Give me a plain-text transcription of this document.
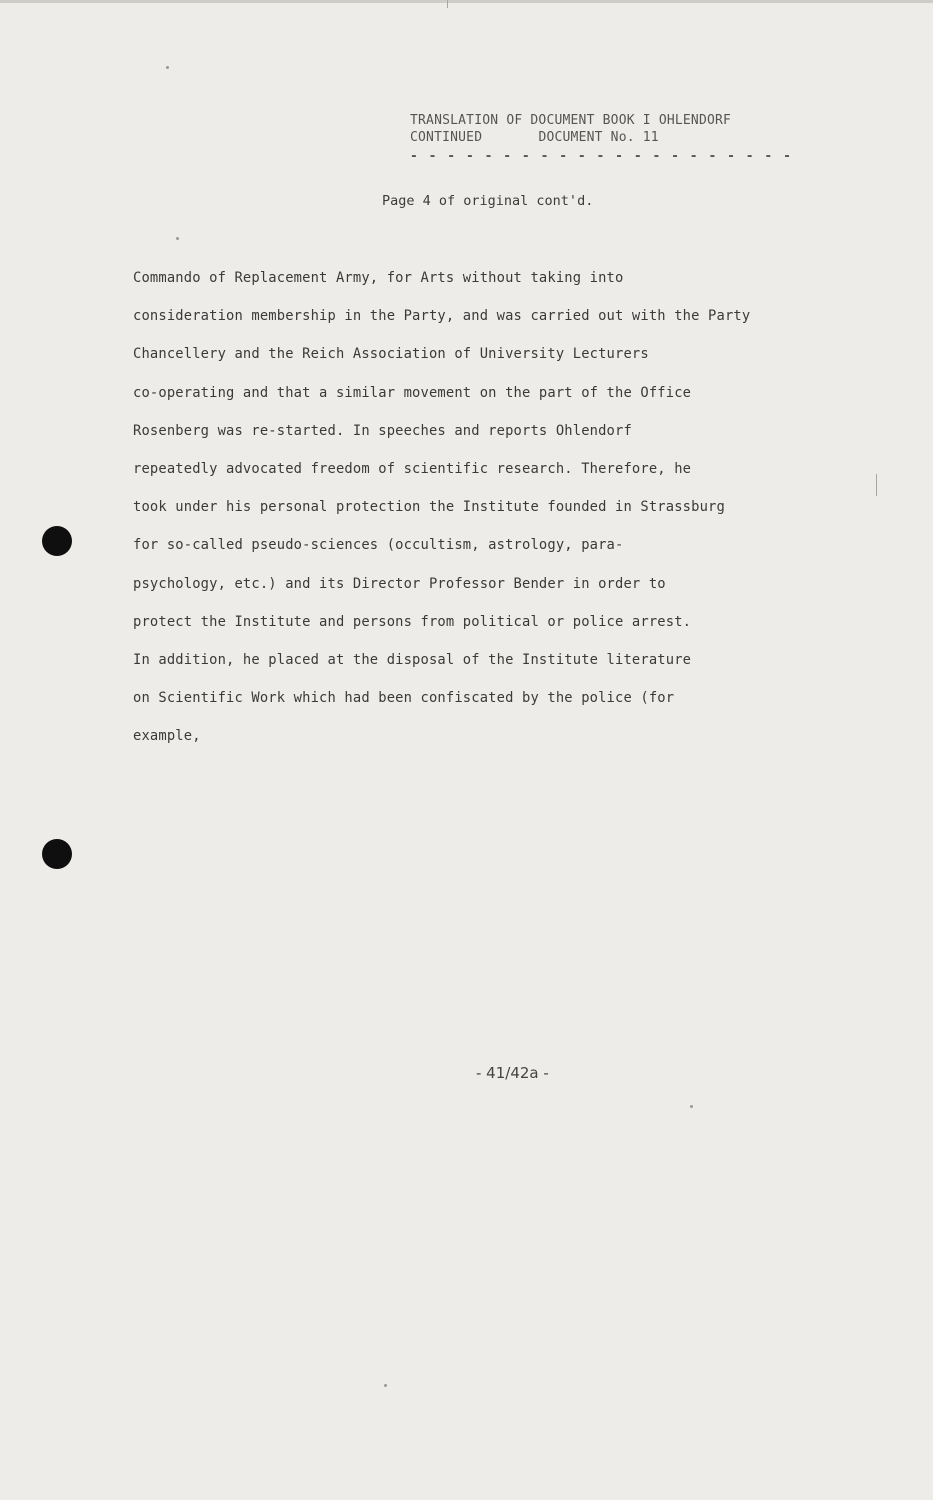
TRANSLATION OF DOCUMENT BOOK I OHLENDORF
CONTINUED	DOCUMENT No. 11
- - - - - - - - - - - - - - - - - - - - -
Page 4 of original cont'd.
Commando of Replacement Army, for Arts without taking into
consideration membership in the Party, and was carried out with the Party
Chancellery and the Reich Association of University Lecturers
co-operating and that a similar movement on the part of the Office
Rosenberg was re-started. In speeches and reports Ohlendorf
repeatedly advocated freedom of scientific research. Therefore, he
took under his personal protection the Institute founded in Strassburg
for so-called pseudo-sciences (occultism, astrology, para-
psychology, etc.) and its Director Professor Bender in order to
protect the Institute and persons from political or police arrest.
In addition, he placed at the disposal of the Institute literature
on Scientific Work which had been confiscated by the police (for
example,
- 41/42a -
